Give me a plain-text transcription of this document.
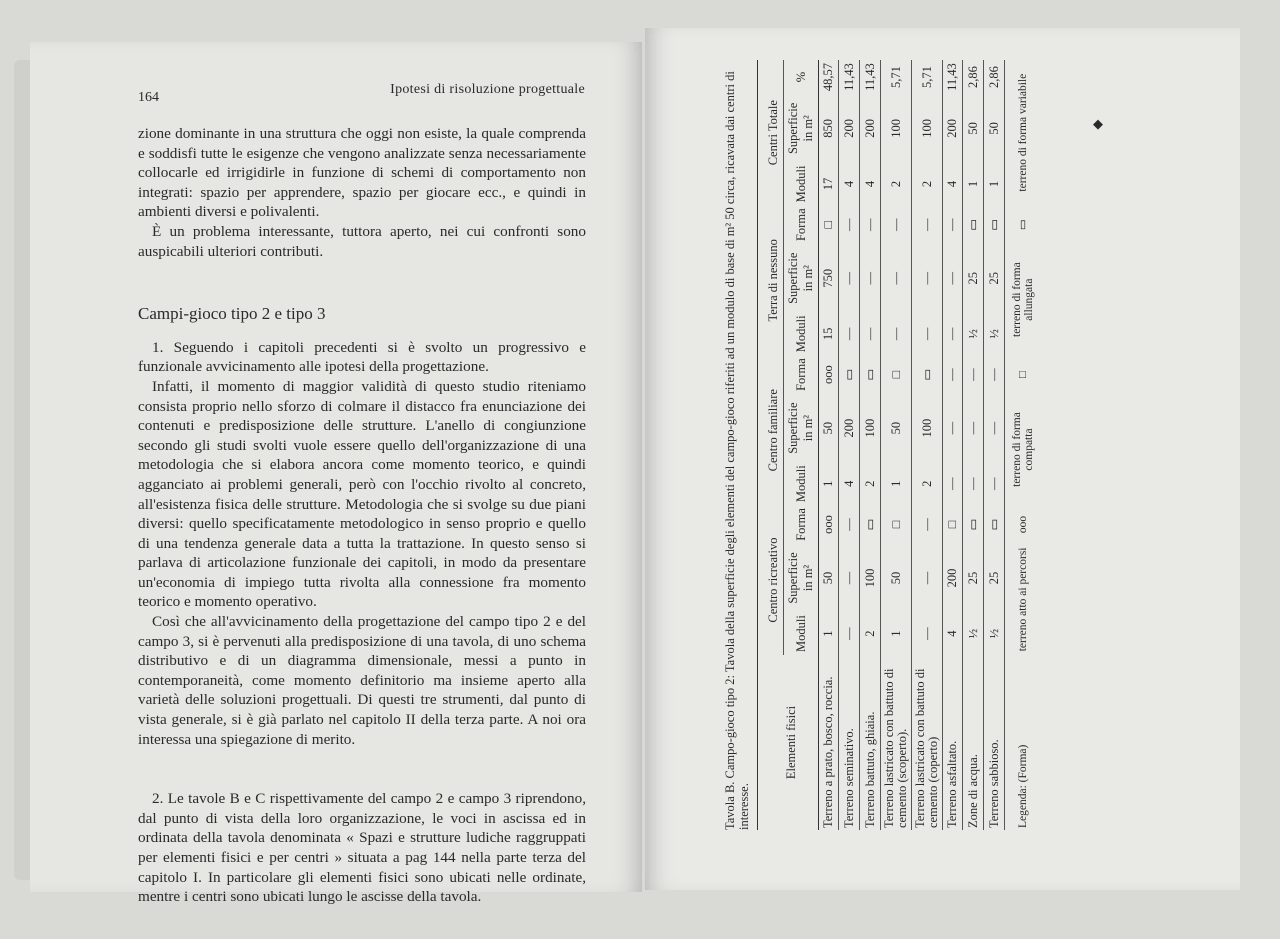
164
Ipotesi di risoluzione progettuale

zione dominante in una struttura che oggi non esiste, la quale comprenda e soddisfi tutte le esigenze che vengono analizzate senza necessariamente collocarle ed irrigidirle in funzione di schemi di comportamento non integrati: spazio per apprendere, spazio per giocare ecc., e quindi in ambienti diversi e polivalenti.

È un problema interessante, tuttora aperto, nei cui confronti sono auspicabili ulteriori contributi.

Campi-gioco tipo 2 e tipo 3

1. Seguendo i capitoli precedenti si è svolto un progressivo e funzionale avvicinamento alle ipotesi della progettazione.

Infatti, il momento di maggior validità di questo studio riteniamo consista proprio nello sforzo di colmare il distacco fra enunciazione dei contenuti e predisposizione delle strutture. L'anello di congiunzione secondo gli studi svolti vuole essere quello dell'organizzazione di una metodologia che si elabora ancora come momento teorico, e quindi agganciato ai problemi generali, però con l'occhio rivolto al concreto, all'esistenza fisica delle strutture. Metodologia che si svolge su due piani diversi: quello specificatamente metodologico in senso proprio e quello di una tendenza generale data a tutta la trattazione. In questo senso si parlava di articolazione funzionale dei capitoli, in modo da presentare un'economia di impiego tutta rivolta alla connessione fra momento teorico e momento operativo.

Così che all'avvicinamento della progettazione del campo tipo 2 e del campo 3, si è pervenuti alla predisposizione di una tavola, di uno schema distributivo e di un diagramma dimensionale, messi a punto in contemporaneità, come momento definitorio ma insieme aperto alla varietà delle soluzioni progettuali. Di questi tre strumenti, dal punto di vista generale, si è già parlato nel capitolo II della terza parte. A noi ora interessa una spiegazione di merito.

2. Le tavole B e C rispettivamente del campo 2 e campo 3 riprendono, dal punto di vista della loro organizzazione, le voci in ascissa ed in ordinata della tavola denominata « Spazi e strutture ludiche raggruppati per elementi fisici e per centri » situata a pag 144 nella parte terza del capitolo I. In particolare gli elementi fisici sono ubicati nelle ordinate, mentre i centri sono ubicati lungo le ascisse della tavola.

Tavola B. Campo-gioco tipo 2: Tavola della superficie degli elementi del campo-gioco riferiti ad un modulo di base di m² 50 circa, ricavata dai centri di interesse.
Elementi fisici	Centro ricreativo			Centro familiare			Terra di nessuno			Centri Totale		
	Moduli	Superficie in m²	Forma	Moduli	Superficie in m²	Forma	Moduli	Superficie in m²	Forma	Moduli	Superficie in m²	%
Terreno a prato, bosco, roccia.	1	50	ooo	1	50	ooo	15	750	□	17	850	48,57
Terreno seminativo.	—	—	—	4	200	▭	—	—	—	4	200	11,43
Terreno battuto, ghiaia.	2	100	▭	2	100	▭	—	—	—	4	200	11,43
Terreno lastricato con battuto di cemento (scoperto).	1	50	□	1	50	□	—	—	—	2	100	5,71
Terreno lastricato con battuto di cemento (coperto)	—	—	—	2	100	▭	—	—	—	2	100	5,71
Terreno asfaltato.	4	200	□	—	—	—	—	—	—	4	200	11,43
Zone di acqua.	½	25	▭	—	—	—	½	25	▭	1	50	2,86
Terreno sabbioso.	½	25	▭	—	—	—	½	25	▭	1	50	2,86
Legenda: (Forma)	terreno atto ai percorsi		ooo	terreno di forma compatta		□	terreno di forma allungata		▭	terreno di forma variabile			◆
